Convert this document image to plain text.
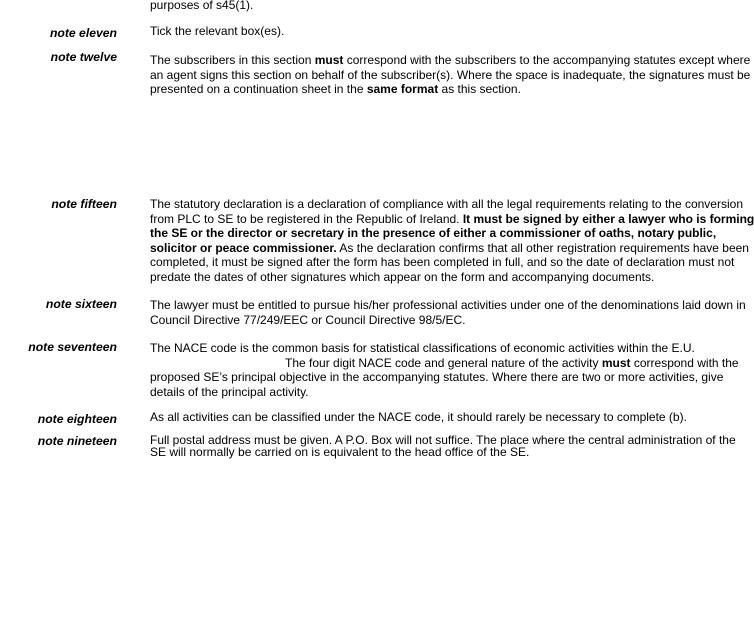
purposes of s45(1).
note eleven	Tick the relevant box(es).
note twelve	The subscribers in this section must correspond with the subscribers to the accompanying statutes except where
an agent signs this section on behalf of the subscriber(s). Where the space is inadequate, the signatures must be
presented on a continuation sheet in the same format as this section.
note fifteen	The statutory declaration is a declaration of compliance with all the legal requirements relating to the conversion
from PLC to SE to be registered in the Republic of Ireland. It must be signed by either a lawyer who is forming
the SE or the director or secretary in the presence of either a commissioner of oaths, notary public,
solicitor or peace commissioner. As the declaration confirms that all other registration requirements have been
completed, it must be signed after the form has been completed in full, and so the date of declaration must not
predate the dates of other signatures which appear on the form and accompanying documents.
note sixteen	The lawyer must be entitled to pursue his/her professional activities under one of the denominations laid down in
Council Directive 77/249/EEC or Council Directive 98/5/EC.
note seventeen	The NACE code is the common basis for statistical classifications of economic activities within the E.U.
The four digit NACE code and general nature of the activity must correspond with the
proposed SE’s principal objective in the accompanying statutes. Where there are two or more activities, give
details of the principal activity.
note eighteen	As all activities can be classified under the NACE code, it should rarely be necessary to complete (b).
note nineteen	Full postal address must be given. A P.O. Box will not suffice. The place where the central administration of the
SE will normally be carried on is equivalent to the head office of the SE.
